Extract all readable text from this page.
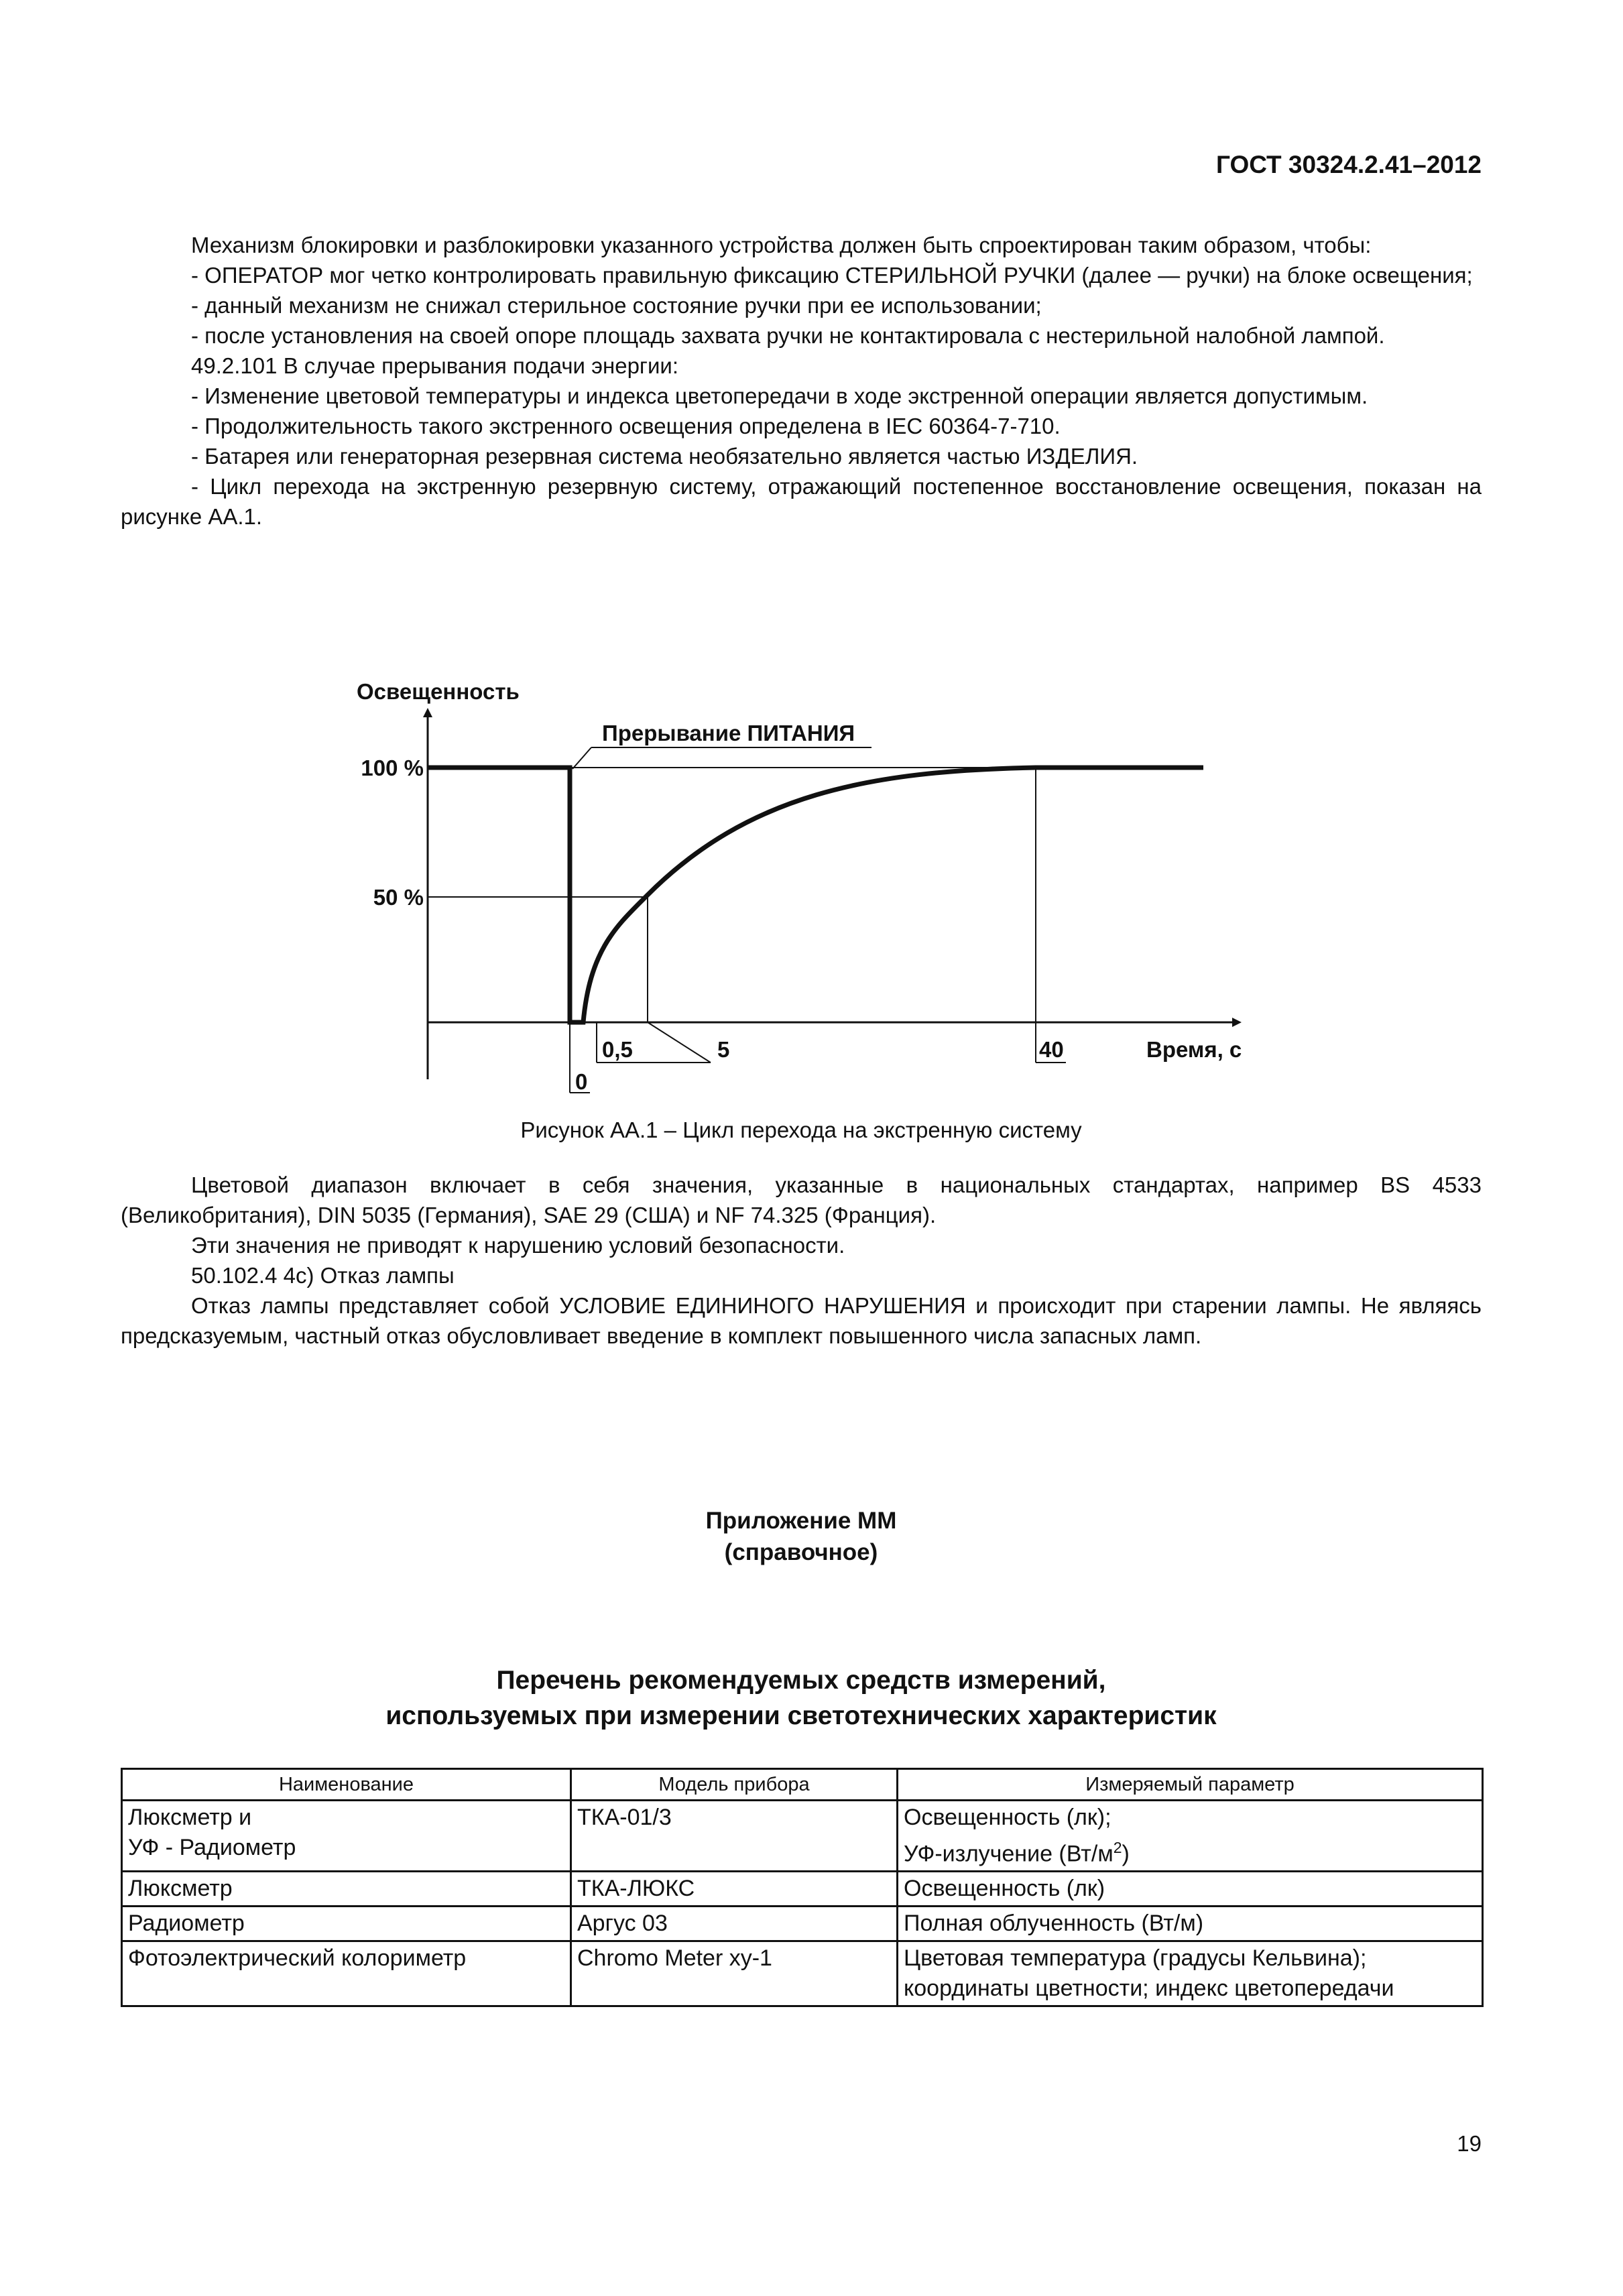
ГОСТ 30324.2.41–2012

Механизм блокировки и разблокировки указанного устройства должен быть спроектирован таким образом, чтобы:

- ОПЕРАТОР мог четко контролировать правильную фиксацию СТЕРИЛЬНОЙ РУЧКИ (далее — ручки) на блоке освещения;

- данный механизм не снижал стерильное состояние ручки при ее использовании;

- после установления на своей опоре площадь захвата ручки не контактировала с нестерильной налобной лампой.

49.2.101 В случае прерывания подачи энергии:

- Изменение цветовой температуры и индекса цветопередачи в ходе экстренной операции является допустимым.

- Продолжительность такого экстренного освещения определена в IEC 60364-7-710.

- Батарея или генераторная резервная система необязательно является частью ИЗДЕЛИЯ.

- Цикл перехода на экстренную резервную систему, отражающий постепенное восстановление освещения, показан на рисунке АА.1.

Освещенность
Прерывание ПИТАНИЯ
100 %
50 %
0
0,5	5	40	Время, с
Рисунок АА.1 – Цикл перехода на экстренную систему

Цветовой диапазон включает в себя значения, указанные в национальных стандартах, например BS 4533 (Великобритания), DIN 5035 (Германия), SAE 29 (США) и NF 74.325 (Франция).

Эти значения не приводят к нарушению условий безопасности.

50.102.4 4с) Отказ лампы

Отказ лампы представляет собой УСЛОВИЕ ЕДИНИНОГО НАРУШЕНИЯ и происходит при старении лампы. Не являясь предсказуемым, частный отказ обусловливает введение в комплект повышенного числа запасных ламп.

Приложение ММ
(справочное)
Перечень рекомендуемых средств измерений,
используемых при измерении светотехнических характеристик
Наименование	Модель прибора	Измеряемый параметр

Люксметр и
УФ - Радиометр	ТКА-01/3	Освещенность (лк);
УФ-излучение $(Вт/м^2)$

Люксметр	ТКА-ЛЮКС	Освещенность (лк)
Радиометр	Аргус 03	Полная облученность (Вт/м)
Фотоэлектрический колориметр	Chromo Meter xy-1	Цветовая температура (градусы Кельвина);
координаты цветности; индекс цветопередачи
19
